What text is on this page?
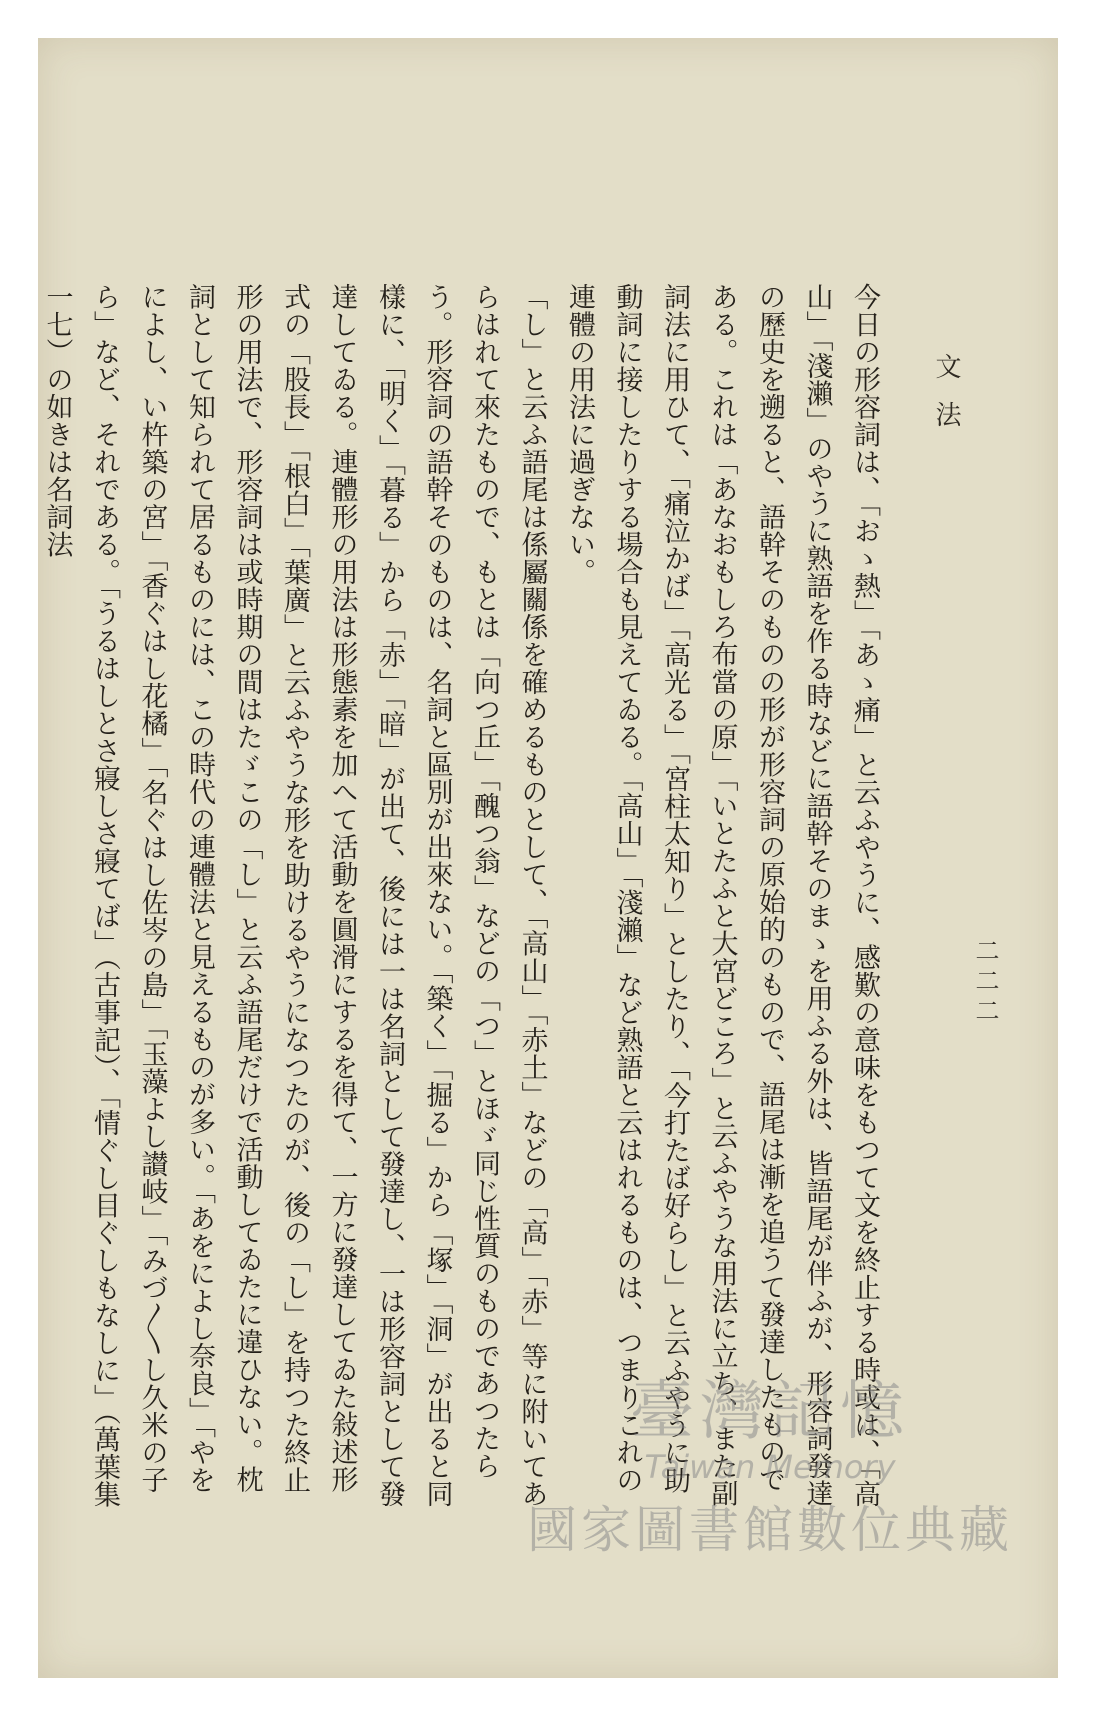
文法
二二二

今日の形容詞は、「おゝ熱」「あゝ痛」と云ふやうに、感歎の意味をもつて文を終止する時或は、「高山」「淺瀨」のやうに熟語を作る時などに語幹そのまゝを用ふる外は、皆語尾が伴ふが、形容詞發達の歷史を遡ると、語幹そのものの形が形容詞の原始的のもので、語尾は漸を追うて發達したものである。これは「あなおもしろ布當の原」「いとたふと大宮どころ」と云ふやうな用法に立ち、また副詞法に用ひて、「痛泣かば」「高光る」「宮柱太知り」としたり、「今打たば好らし」と云ふやうに助動詞に接したりする場合も見えてゐる。「高山」「淺瀨」など熟語と云はれるものは、つまりこれの連體の用法に過ぎない。

「し」と云ふ語尾は係屬關係を確めるものとして、「高山」「赤土」などの「高」「赤」等に附いてあらはれて來たもので、もとは「向つ丘」「醜つ翁」などの「つ」とほゞ同じ性質のものであつたらう。形容詞の語幹そのものは、名詞と區別が出來ない。「築く」「掘る」から「塚」「洞」が出ると同樣に、「明く」「暮る」から「赤」「暗」が出て、後には一は名詞として發達し、一は形容詞として發達してゐる。連體形の用法は形態素を加へて活動を圓滑にするを得て、一方に發達してゐた敍述形式の「股長」「根白」「葉廣」と云ふやうな形を助けるやうになつたのが、後の「し」を持つた終止形の用法で、形容詞は或時期の間はたゞこの「し」と云ふ語尾だけで活動してゐたに違ひない。枕詞として知られて居るものには、この時代の連體法と見えるものが多い。「あをによし奈良」「やをによし、い杵築の宮」「香ぐはし花橘」「名ぐはし佐岑の島」「玉藻よし讃岐」「みづ〳〵し久米の子ら」など、それである。「うるはしとさ寢しさ寢てば」（古事記）、「情ぐし目ぐしもなしに」（萬葉集一七）の如きは名詞法

臺灣記憶
Taiwan Memory
國家圖書館數位典藏
